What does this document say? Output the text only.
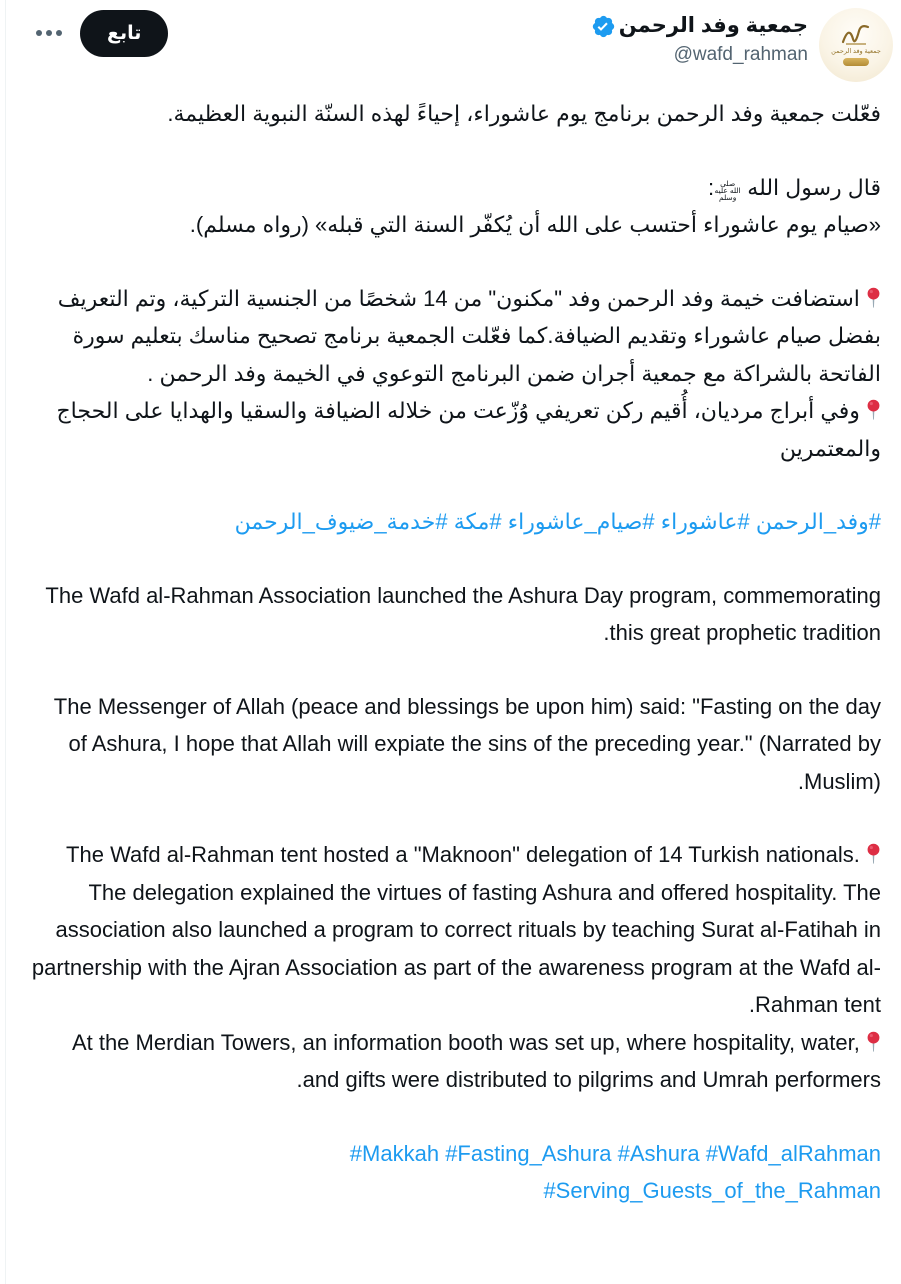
تابع	جمعية وفد الرحمن
@wafd_rahman	جمعية وفد الرحمن

فعّلت جمعية وفد الرحمن برنامج يوم عاشوراء، إحياءً لهذه السنّة النبوية العظيمة.

قال رسول الله صلى الله عليه وسلم:
«صيام يوم عاشوراء أحتسب على الله أن يُكفّر السنة التي قبله» (رواه مسلم).

استضافت خيمة وفد الرحمن وفد "مكنون" من 14 شخصًا من الجنسية التركية، وتم التعريف بفضل صيام عاشوراء وتقديم الضيافة.كما فعّلت الجمعية برنامج تصحيح مناسك بتعليم سورة الفاتحة بالشراكة مع جمعية أجران ضمن البرنامج التوعوي في الخيمة وفد الرحمن .
وفي أبراج مرديان، أُقيم ركن تعريفي وُزّعت من خلاله الضيافة والسقيا والهدايا على الحجاج والمعتمرين

#وفد_الرحمن #عاشوراء #صيام_عاشوراء #مكة #خدمة_ضيوف_الرحمن

The Wafd al-Rahman Association launched the Ashura Day program, commemorating this great prophetic tradition.

The Messenger of Allah (peace and blessings be upon him) said: "Fasting on the day of Ashura, I hope that Allah will expiate the sins of the preceding year." (Narrated by Muslim).

The Wafd al-Rahman tent hosted a "Maknoon" delegation of 14 Turkish nationals. The delegation explained the virtues of fasting Ashura and offered hospitality. The association also launched a program to correct rituals by teaching Surat al-Fatihah in partnership with the Ajran Association as part of the awareness program at the Wafd al-Rahman tent.
At the Merdian Towers, an information booth was set up, where hospitality, water, and gifts were distributed to pilgrims and Umrah performers.

#Makkah #Fasting_Ashura #Ashura #Wafd_alRahman #Serving_Guests_of_the_Rahman
